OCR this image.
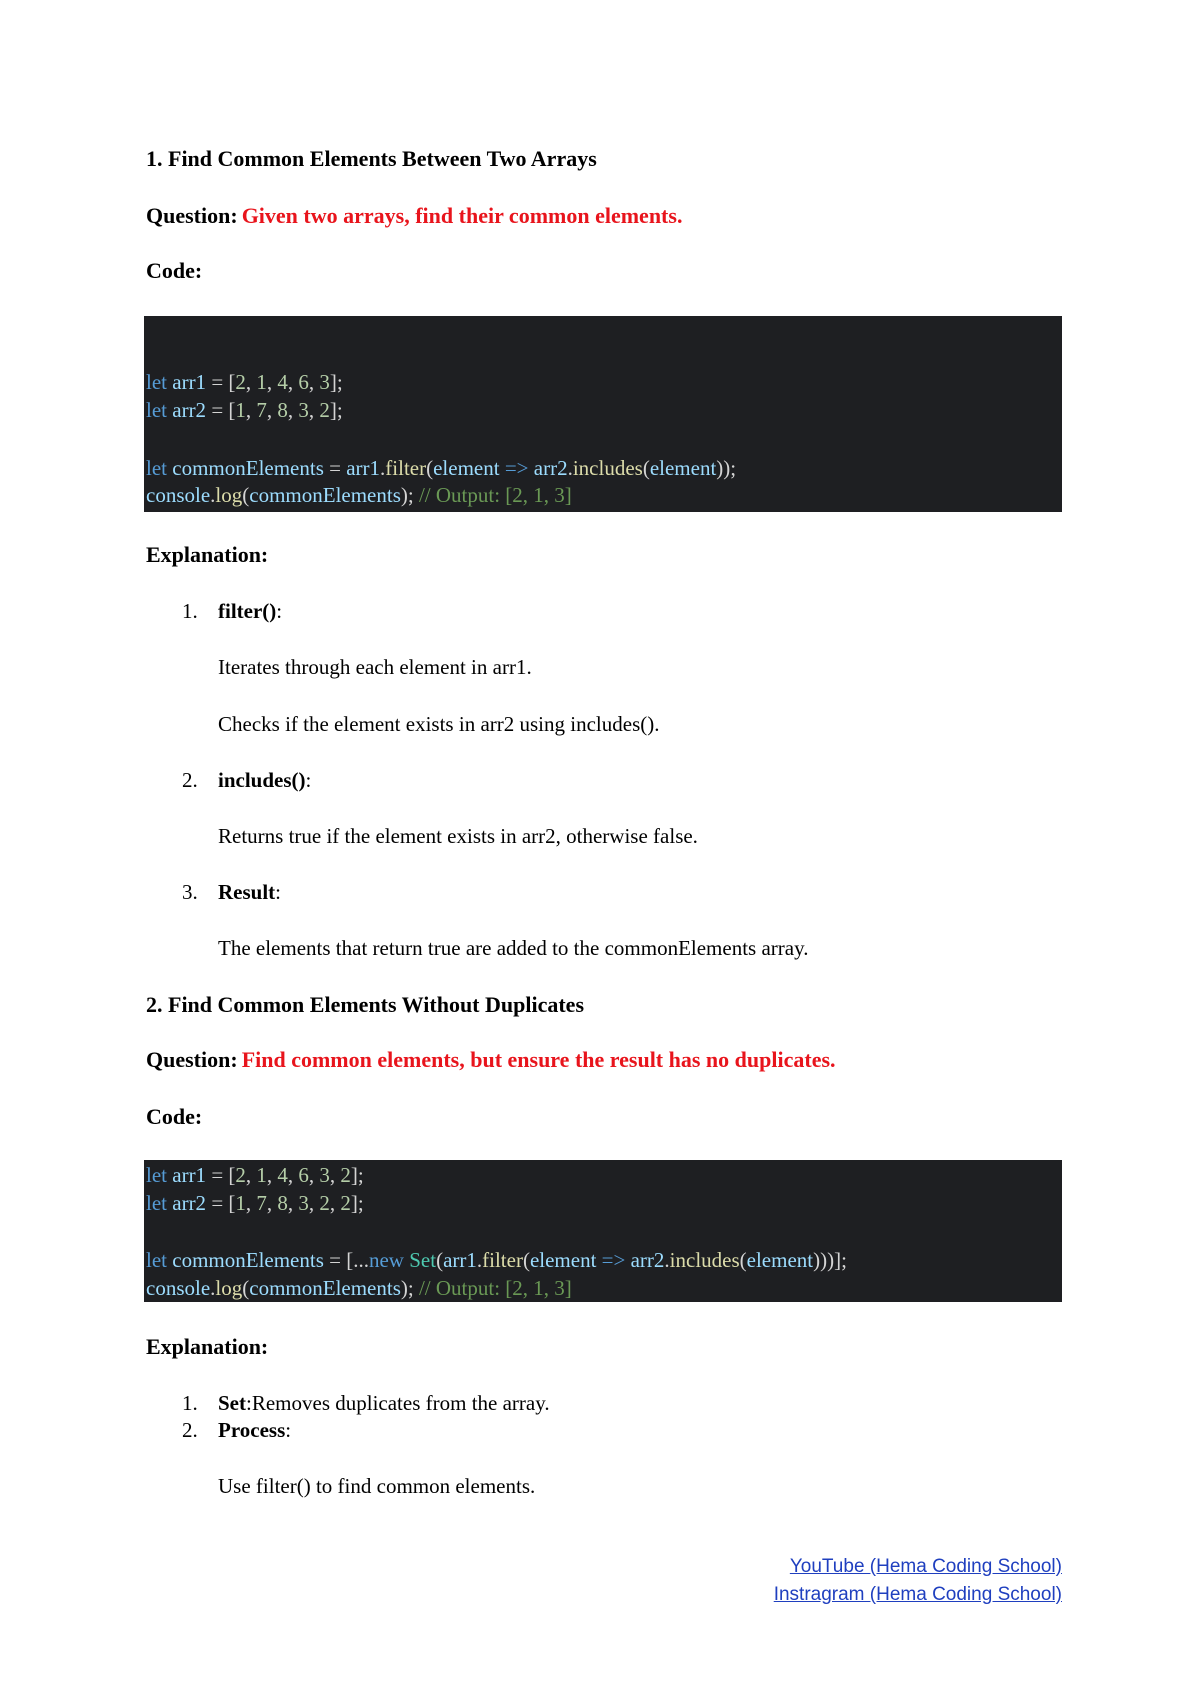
1. Find Common Elements Between Two Arrays
Question: Given two arrays, find their common elements.
Code:
let arr1 = [2, 1, 4, 6, 3];
let arr2 = [1, 7, 8, 3, 2];
let commonElements = arr1.filter(element => arr2.includes(element));
console.log(commonElements); // Output: [2, 1, 3]
Explanation:
1. filter():
Iterates through each element in arr1.
Checks if the element exists in arr2 using includes().
2. includes():
Returns true if the element exists in arr2, otherwise false.
3. Result:
The elements that return true are added to the commonElements array.
2. Find Common Elements Without Duplicates
Question: Find common elements, but ensure the result has no duplicates.
Code:
let arr1 = [2, 1, 4, 6, 3, 2];
let arr2 = [1, 7, 8, 3, 2, 2];
let commonElements = [...new Set(arr1.filter(element => arr2.includes(element)))];
console.log(commonElements); // Output: [2, 1, 3]
Explanation:
1. Set:Removes duplicates from the array.
2. Process:
Use filter() to find common elements.
YouTube (Hema Coding School)
Instragram (Hema Coding School)
